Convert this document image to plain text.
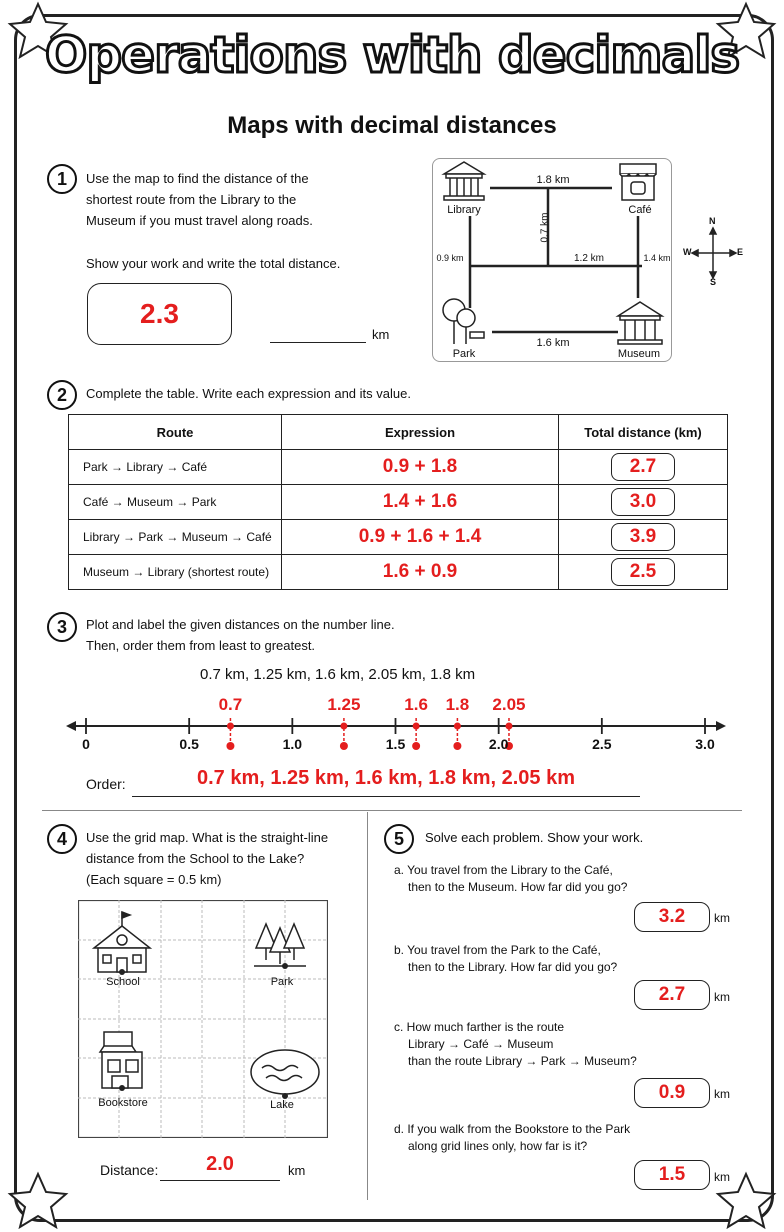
Operations with decimals
Maps with decimal distances
1	Use the map to find the distance of the
shortest route from the Library to the
Museum if you must travel along roads.
Show your work and write the total distance.
2.3
km
Library	Café
Park	Museum
1.8 km
0.7 km
0.9 km	1.2 km	1.4 km
1.6 km
N
S
E
W
2	Complete the table. Write each expression and its value.
Route	Expression	Total distance (km)
Park → Library → Café	0.9 + 1.8	2.7
Café → Museum → Park	1.4 + 1.6	3.0
Library → Park → Museum → Café	0.9 + 1.6 + 1.4	3.9
Museum → Library (shortest route)	1.6 + 0.9	2.5
3	Plot and label the given distances on the number line.
Then, order them from least to greatest.
0.7 km, 1.25 km, 1.6 km, 2.05 km, 1.8 km
0	0.5	1.0	1.5	2.0	2.5	3.0
0.7	1.25	1.6	1.8	2.05
Order:	0.7 km, 1.25 km, 1.6 km, 1.8 km, 2.05 km
4	Use the grid map. What is the straight-line
distance from the School to the Lake?
(Each square = 0.5 km)
School	Park
Bookstore	Lake
Distance:	2.0	km
5	Solve each problem. Show your work.
a. You travel from the Library to the Café,
then to the Museum. How far did you go?
3.2	km
b. You travel from the Park to the Café,
then to the Library. How far did you go?
2.7	km
c. How much farther is the route
Library → Café → Museum
than the route Library → Park → Museum?
0.9	km
d. If you walk from the Bookstore to the Park
along grid lines only, how far is it?
1.5	km
